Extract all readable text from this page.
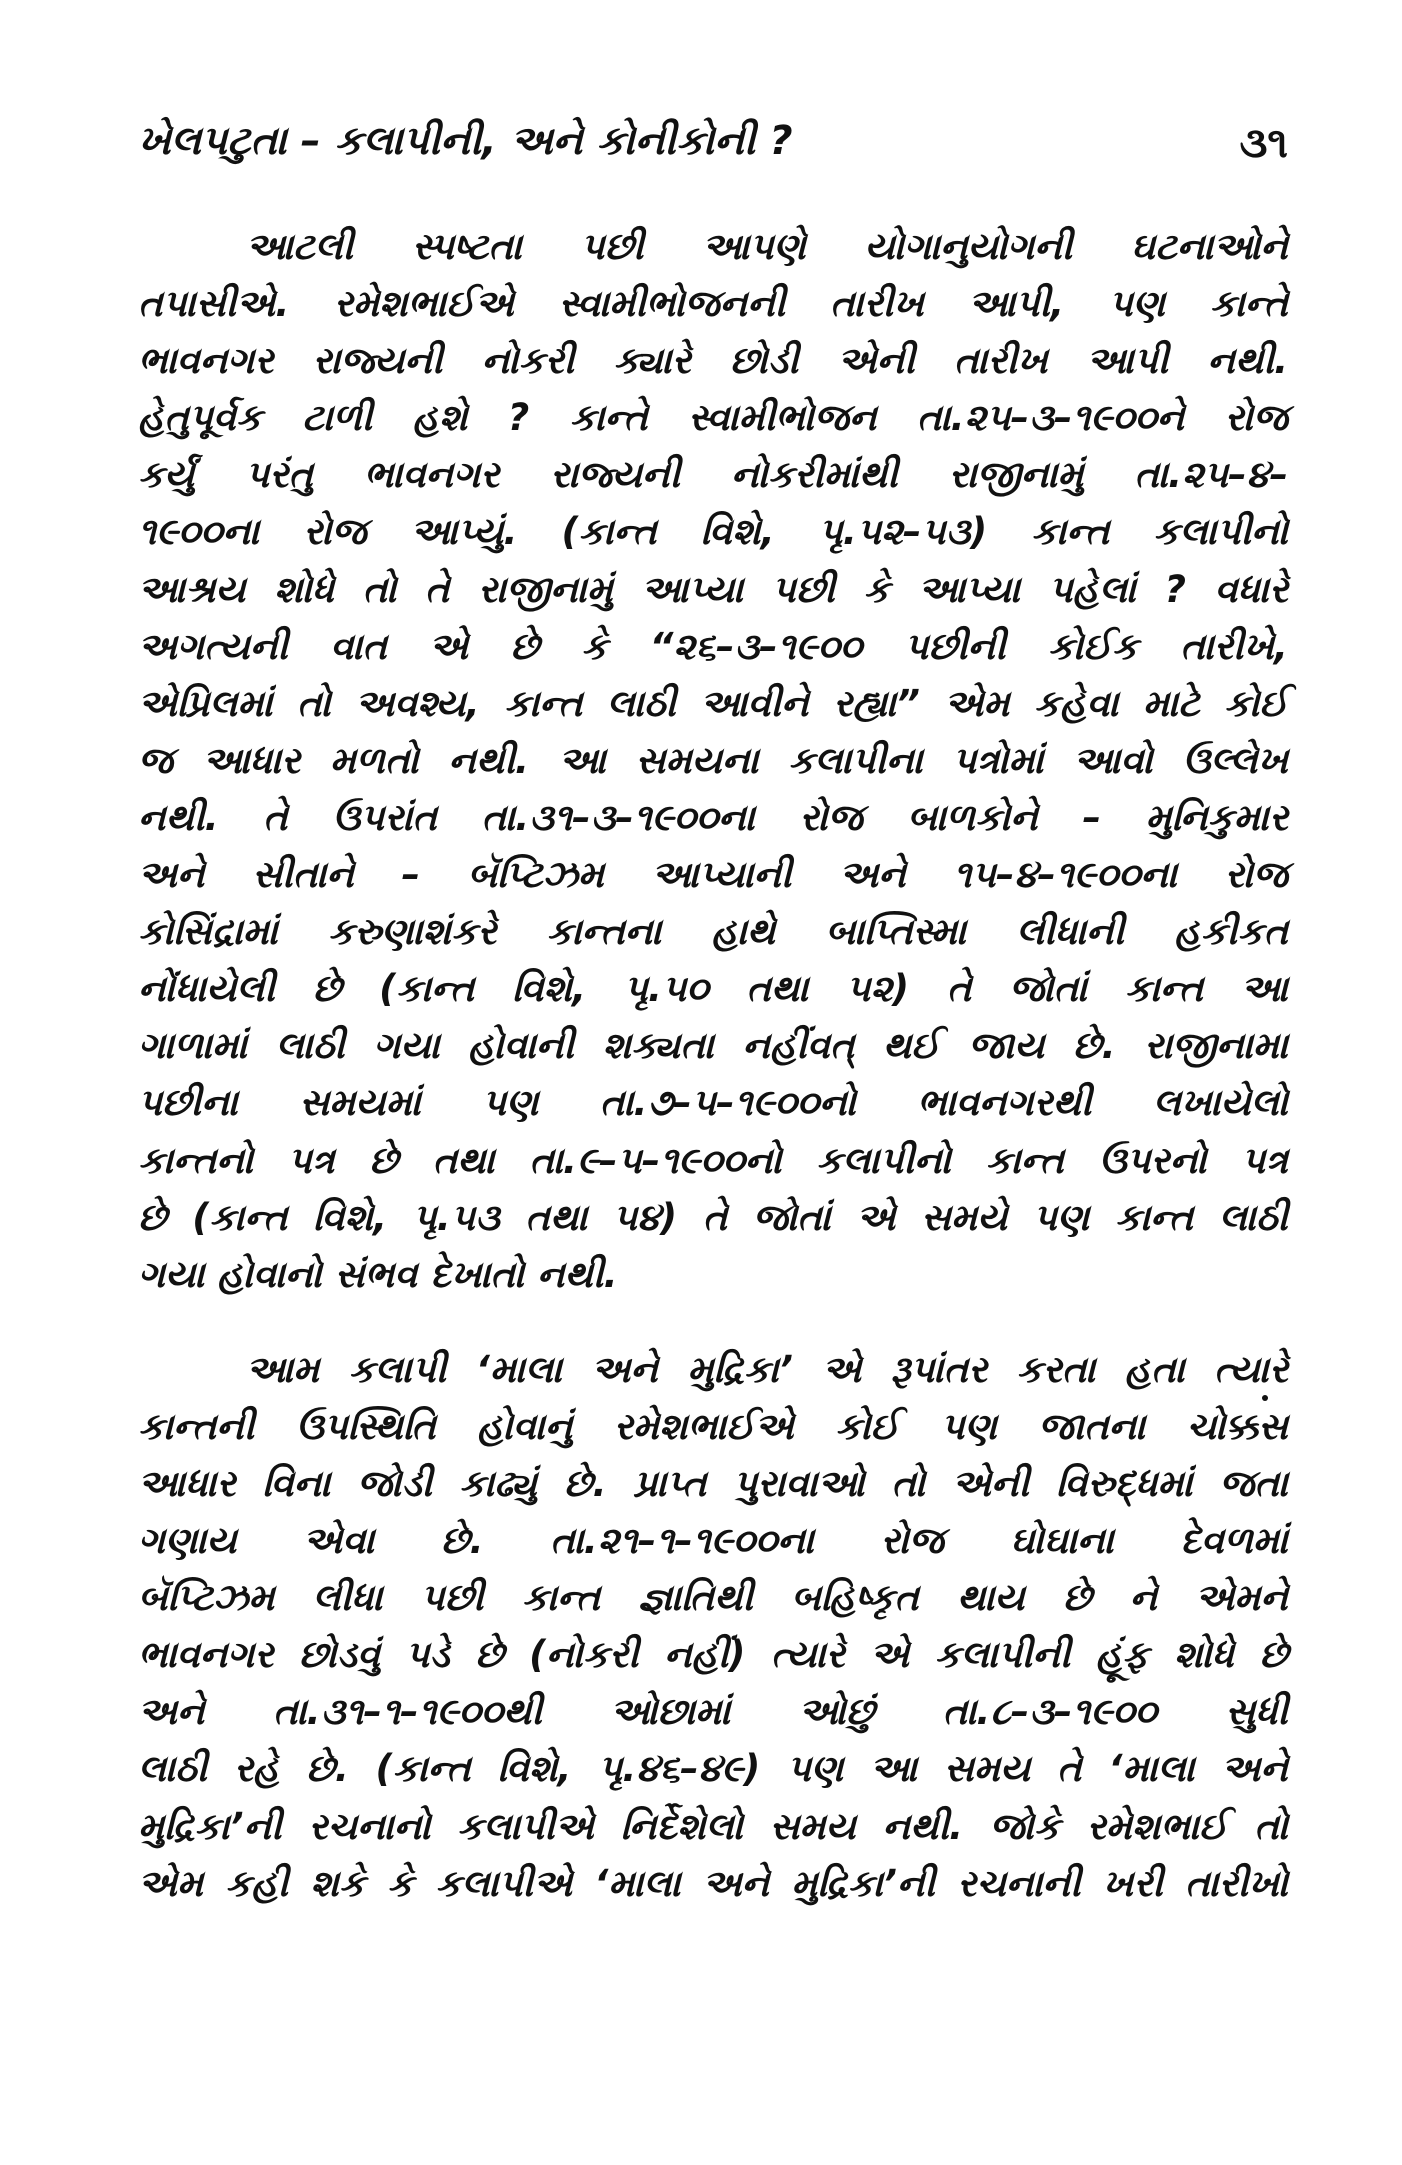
ખેલપટુતા – કલાપીની, અને કોનીકોની ?	૩૧
આટલી સ્પષ્ટતા પછી આપણે યોગાનુયોગની ઘટનાઓને
તપાસીએ. રમેશભાઈએ સ્વામીભોજનની તારીખ આપી, પણ કાન્તે
ભાવનગર રાજ્યની નોકરી ક્યારે છોડી એની તારીખ આપી નથી.
હેતુપૂર્વક ટાળી હશે ? કાન્તે સ્વામીભોજન તા.૨૫–૩–૧૯૦૦ને રોજ
કર્યું પરંતુ ભાવનગર રાજ્યની નોકરીમાંથી રાજીનામું તા.૨૫–૪–
૧૯૦૦ના રોજ આપ્યું. (કાન્ત વિશે, પૃ.૫૨–૫૩) કાન્ત કલાપીનો
આશ્રય શોધે તો તે રાજીનામું આપ્યા પછી કે આપ્યા પહેલાં ? વધારે
અગત્યની વાત એ છે કે “૨૬–૩–૧૯૦૦ પછીની કોઈક તારીખે,
એપ્રિલમાં તો અવશ્ય, કાન્ત લાઠી આવીને રહ્યા” એમ કહેવા માટે કોઈ
જ આધાર મળતો નથી. આ સમયના કલાપીના પત્રોમાં આવો ઉલ્લેખ
નથી. તે ઉપરાંત તા.૩૧–૩–૧૯૦૦ના રોજ બાળકોને – મુનિકુમાર
અને સીતાને – બૅપ્ટિઝમ આપ્યાની અને ૧૫–૪–૧૯૦૦ના રોજ
કોસિંદ્રામાં કરુણાશંકરે કાન્તના હાથે બાપ્તિસ્મા લીધાની હકીકત
નોંધાયેલી છે (કાન્ત વિશે, પૃ.૫૦ તથા ૫૨) તે જોતાં કાન્ત આ
ગાળામાં લાઠી ગયા હોવાની શક્યતા નહીંવત્ થઈ જાય છે. રાજીનામા
પછીના સમયમાં પણ તા.૭–૫–૧૯૦૦નો ભાવનગરથી લખાયેલો
કાન્તનો પત્ર છે તથા તા.૯–૫–૧૯૦૦નો કલાપીનો કાન્ત ઉપરનો પત્ર
છે (કાન્ત વિશે, પૃ.૫૩ તથા ૫૪) તે જોતાં એ સમયે પણ કાન્ત લાઠી
ગયા હોવાનો સંભવ દેખાતો નથી.
આમ કલાપી ‘માલા અને મુદ્રિકા’ એ રૂપાંતર કરતા હતા ત્યારે
કાન્તની ઉપસ્થિતિ હોવાનું રમેશભાઈએ કોઈ પણ જાતના ચોક્કસ
આધાર વિના જોડી કાઢ્યું છે. પ્રાપ્ત પુરાવાઓ તો એની વિરુદ્ધમાં જતા
ગણાય એવા છે. તા.૨૧–૧–૧૯૦૦ના રોજ ઘોઘાના દેવળમાં
બૅપ્ટિઝમ લીધા પછી કાન્ત જ્ઞાતિથી બહિષ્કૃત થાય છે ને એમને
ભાવનગર છોડવું પડે છે (નોકરી નહીં) ત્યારે એ કલાપીની હૂંફ શોધે છે
અને તા.૩૧–૧–૧૯૦૦થી ઓછામાં ઓછું તા.૮–૩–૧૯૦૦ સુધી
લાઠી રહે છે. (કાન્ત વિશે, પૃ.૪૬–૪૯) પણ આ સમય તે ‘માલા અને
મુદ્રિકા’ની રચનાનો કલાપીએ નિર્દેશેલો સમય નથી. જોકે રમેશભાઈ તો
એમ કહી શકે કે કલાપીએ ‘માલા અને મુદ્રિકા’ની રચનાની ખરી તારીખો
